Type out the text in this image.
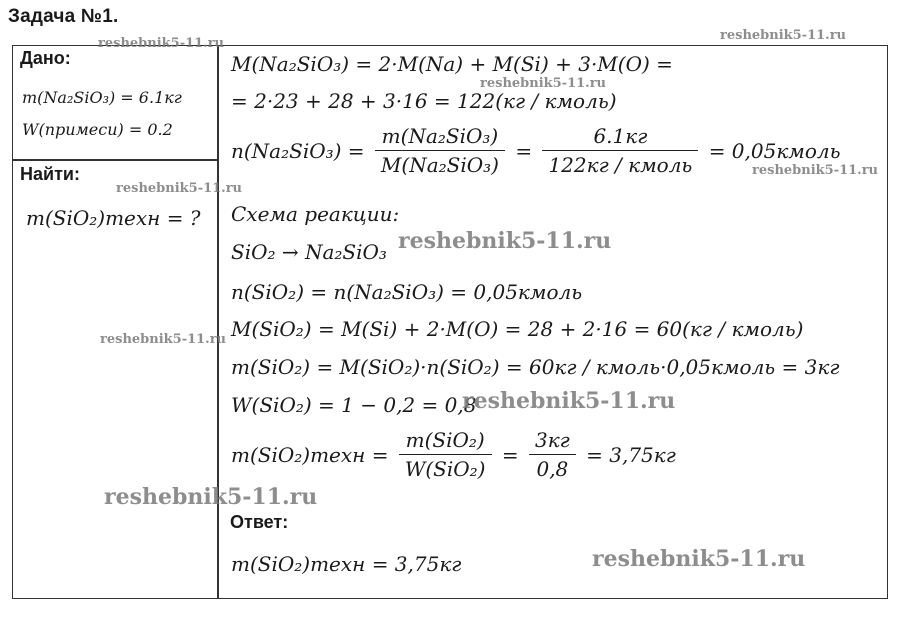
Задача №1.
Дано:
m(Na₂SiO₃) = 6.1кг
W(примеси) = 0.2
Найти:
m(SiO₂)техн = ?
M(Na₂SiO₃) = 2·M(Na) + M(Si) + 3·M(O) =
= 2·23 + 28 + 3·16 = 122(кг / кмоль)
$n(Na_2SiO_3) = \frac{\text{m(Na₂SiO₃)}}{\text{M(Na₂SiO₃)}} = \frac{6.1кг}{\text{122кг / кмоль}}$ = 0,05кмоль
Схема реакции:
SiO₂ → Na₂SiO₃
n(SiO₂) = n(Na₂SiO₃) = 0,05кмоль
M(SiO₂) = M(Si) + 2·M(O) = 28 + 2·16 = 60(кг / кмоль)
m(SiO₂) = M(SiO₂)·n(SiO₂) = 60кг / кмоль·0,05кмоль = 3кг
W(SiO₂) = 1 − 0,2 = 0,8
m(SiO₂)техн = $\frac{\text{m(SiO₂)}}{\text{W(SiO₂)}} = \frac{3кг}{0,8} = 3,75кг$
Ответ:
m(SiO₂)техн = 3,75кг
reshebnik5-11.ru
reshebnik5-11.ru
reshebnik5-11.ru
reshebnik5-11.ru
reshebnik5-11.ru
reshebnik5-11.ru
reshebnik5-11.ru
reshebnik5-11.ru
reshebnik5-11.ru
reshebnik5-11.ru
